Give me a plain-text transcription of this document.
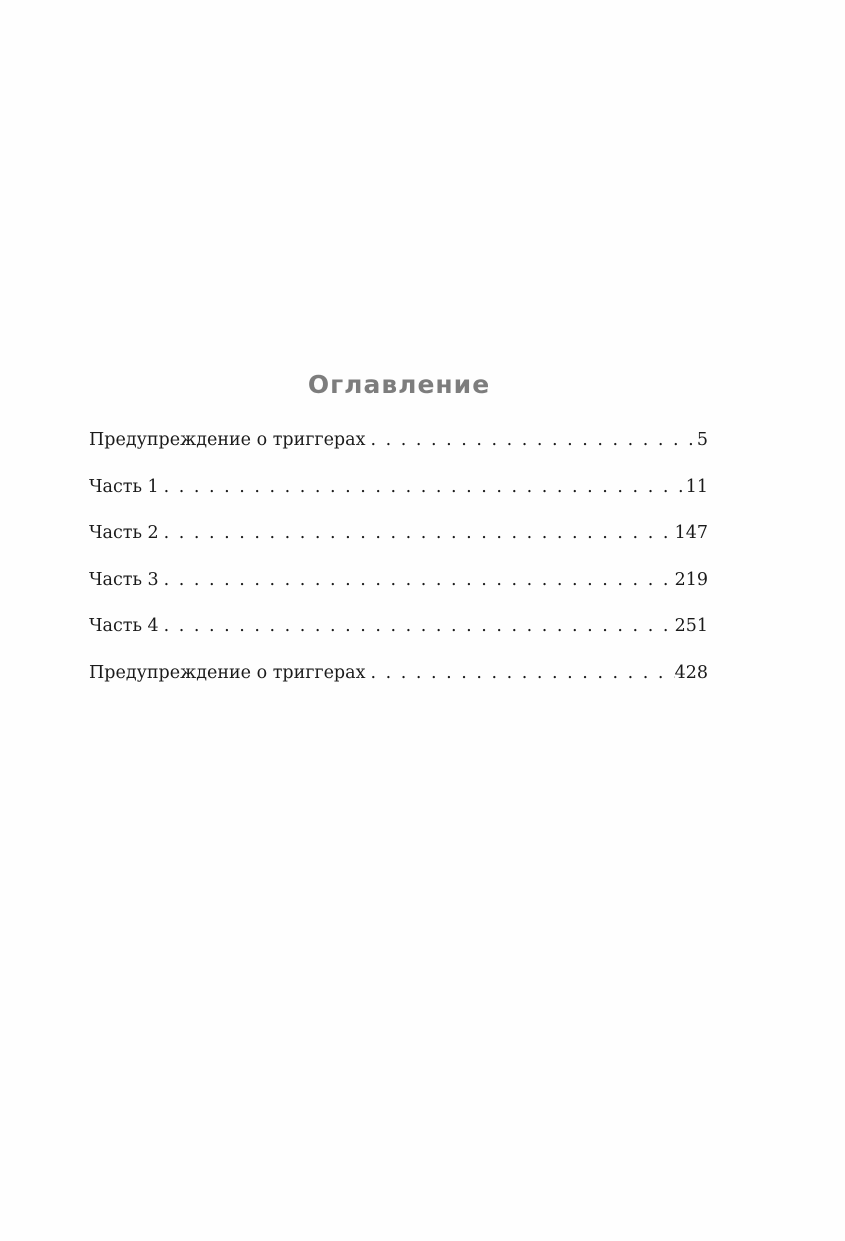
Оглавление
Предупреждение о триггерах . . .	5
Часть 1 . . .	11
Часть 2 . . .	147
Часть 3 . . .	219
Часть 4 . . .	251
Предупреждение о триггерах . . .	428
